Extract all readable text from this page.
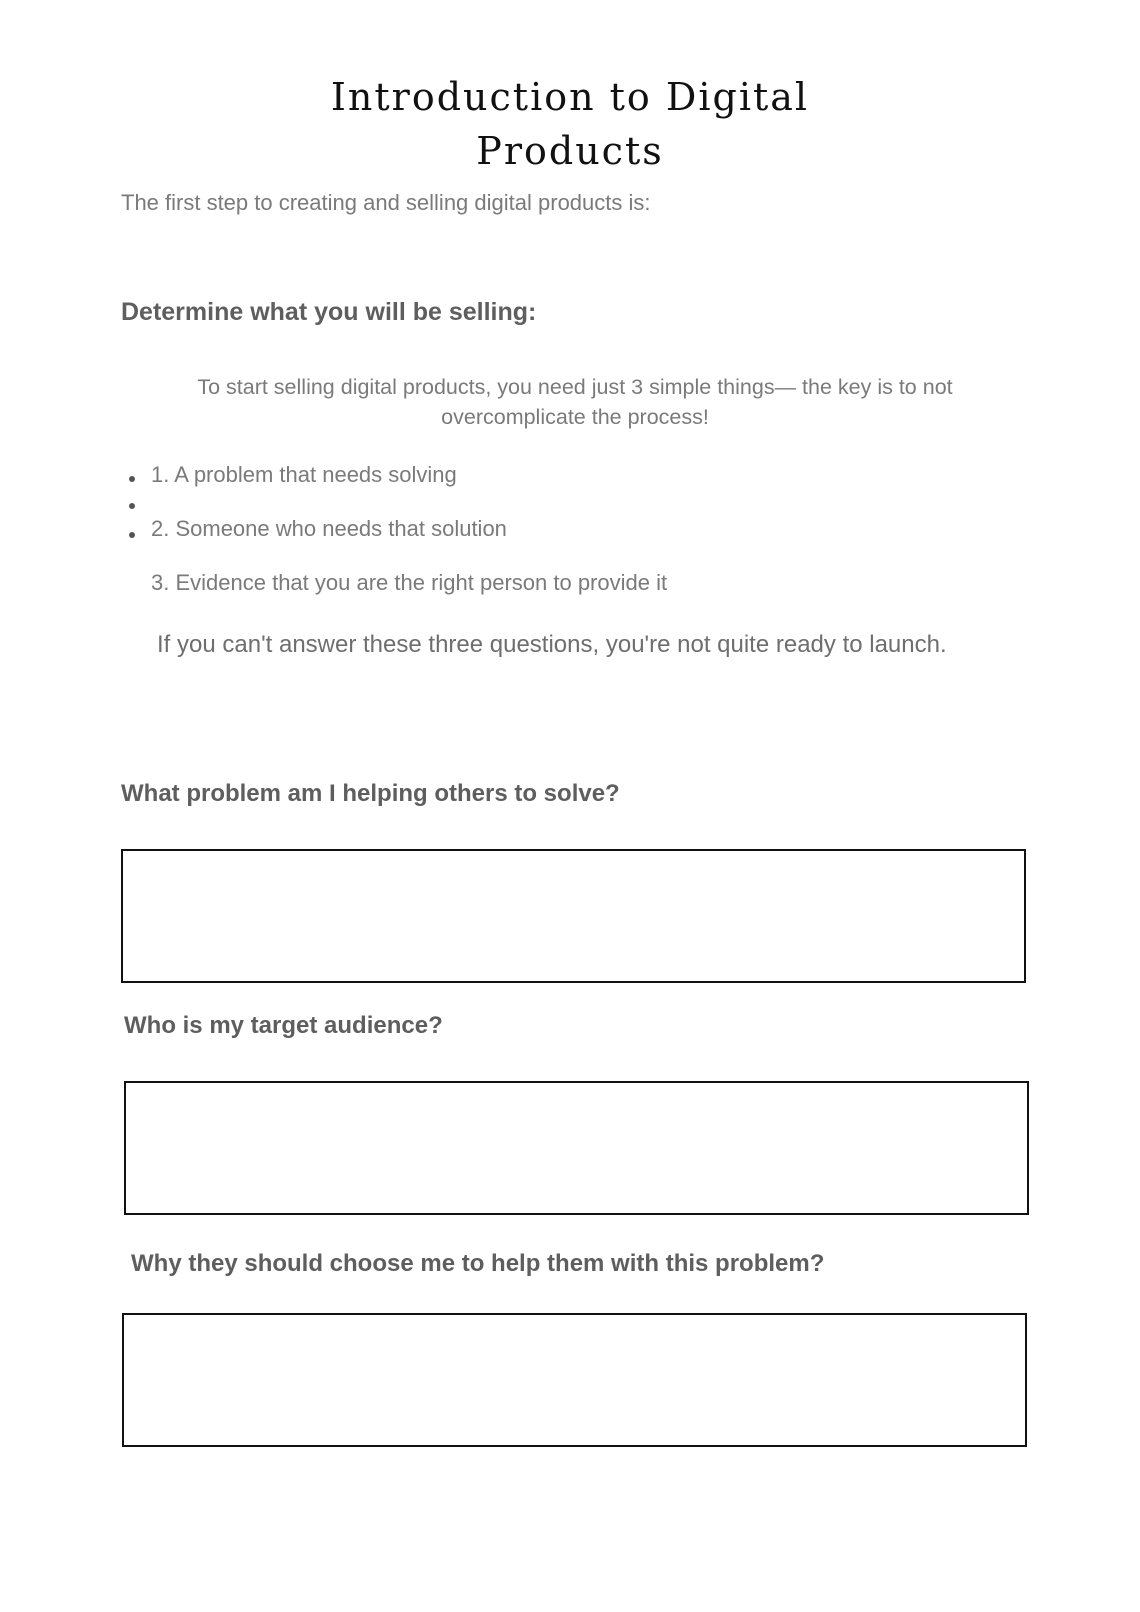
Introduction to Digital
Products

The first step to creating and selling digital products is:

Determine what you will be selling:

To start selling digital products, you need just 3 simple things— the key is to not overcomplicate the process!

1. A problem that needs solving
2. Someone who needs that solution
3. Evidence that you are the right person to provide it

If you can't answer these three questions, you're not quite ready to launch.

What problem am I helping others to solve?
Who is my target audience?
Why they should choose me to help them with this problem?
